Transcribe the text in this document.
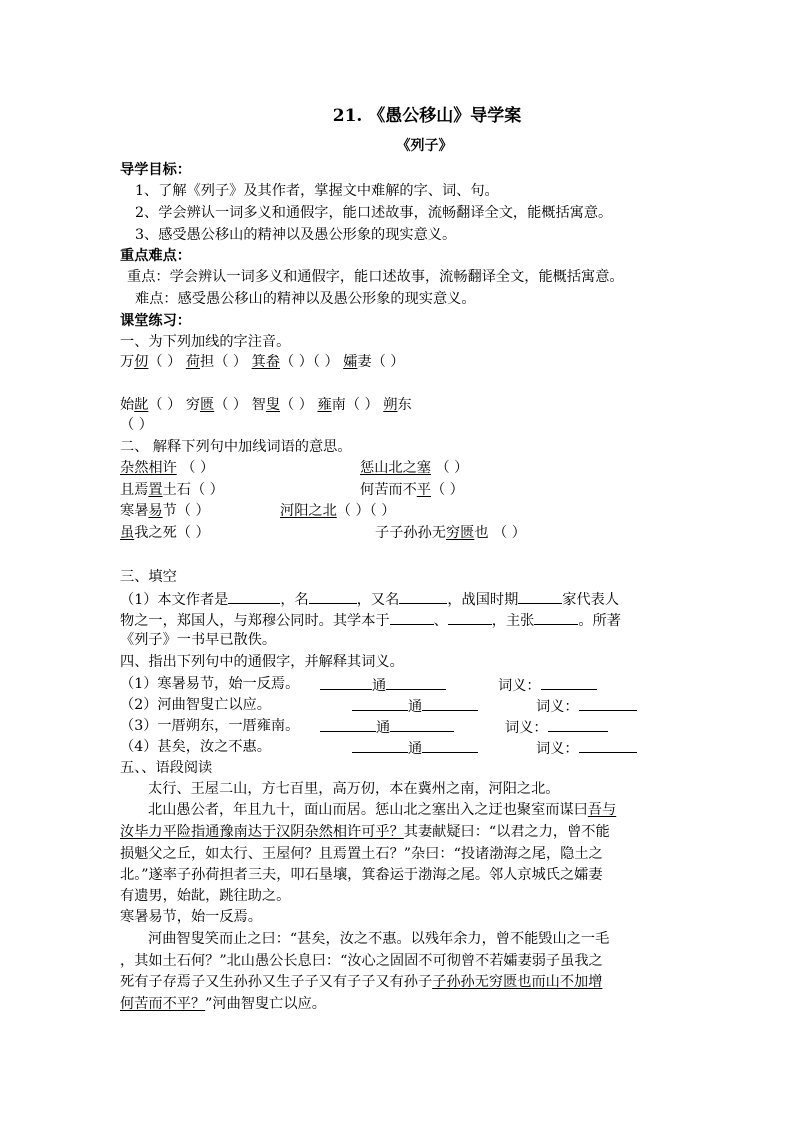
21. 《愚公移山》导学案
《列子》
导学目标：
1、了解《列子》及其作者，掌握文中难解的字、词、句。
2、学会辨认一词多义和通假字，能口述故事，流畅翻译全文，能概括寓意。
3、感受愚公移山的精神以及愚公形象的现实意义。
重点难点：
重点：学会辨认一词多义和通假字，能口述故事，流畅翻译全文，能概括寓意。
难点：感受愚公移山的精神以及愚公形象的现实意义。
课堂练习：
一、为下列加线的字注音。
万仞（ ） 荷担（ ） 箕畚（ ）（ ） 孀妻（ ）
始龀（ ） 穷匮（ ） 智叟（ ） 雍南（ ） 朔东
（ ）
二、 解释下列句中加线词语的意思。
杂然相许 （ ）	惩山北之塞 （ ）
且焉置土石（ ）	何苦而不平（ ）
寒暑易节（ ）	河阳之北（ ）（ ）
虽我之死（ ）	子子孙孙无穷匮也 （ ）
三、填空
（1）本文作者是	，名	，又名	，战国时期	家代表人
物之一，郑国人，与郑穆公同时。其学本于	、	，主张	。所著
《列子》一书早已散佚。
四、指出下列句中的通假字，并解释其词义。
（1）寒暑易节，始一反焉。	通	词义：
（2）河曲智叟亡以应。	通	词义：
（3）一厝朔东，一厝雍南。	通	词义：
（4）甚矣，汝之不惠。	通	词义：
五、、语段阅读
太行、王屋二山，方七百里，高万仞，本在冀州之南，河阳之北。
北山愚公者，年且九十，面山而居。惩山北之塞出入之迂也聚室而谋曰吾与
汝毕力平险指通豫南达于汉阴杂然相许可乎？其妻献疑曰：“以君之力，曾不能
损魁父之丘，如太行、王屋何？且焉置土石？”杂曰：“投诸渤海之尾，隐土之
北。”遂率子孙荷担者三夫，叩石垦壤，箕畚运于渤海之尾。邻人京城氏之孀妻
有遗男，始龀，跳往助之。
寒暑易节，始一反焉。
河曲智叟笑而止之曰：“甚矣，汝之不惠。以残年余力，曾不能毁山之一毛
，其如土石何？”北山愚公长息曰：“汝心之固固不可彻曾不若孀妻弱子虽我之
死有子存焉子又生孙孙又生子子又有子子又有孙子子孙孙无穷匮也而山不加增
何苦而不平？”河曲智叟亡以应。
